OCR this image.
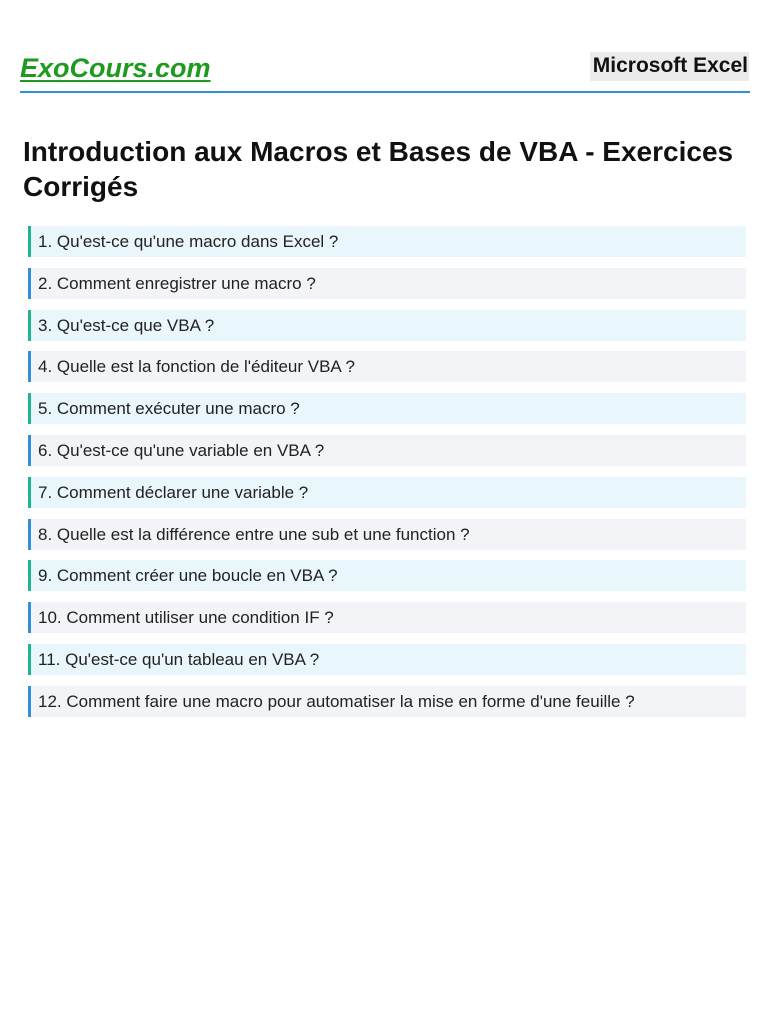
ExoCours.com	Microsoft Excel
Introduction aux Macros et Bases de VBA - Exercices Corrigés
1. Qu'est-ce qu'une macro dans Excel ?
2. Comment enregistrer une macro ?
3. Qu'est-ce que VBA ?
4. Quelle est la fonction de l'éditeur VBA ?
5. Comment exécuter une macro ?
6. Qu'est-ce qu'une variable en VBA ?
7. Comment déclarer une variable ?
8. Quelle est la différence entre une sub et une function ?
9. Comment créer une boucle en VBA ?
10. Comment utiliser une condition IF ?
11. Qu'est-ce qu'un tableau en VBA ?
12. Comment faire une macro pour automatiser la mise en forme d'une feuille ?
